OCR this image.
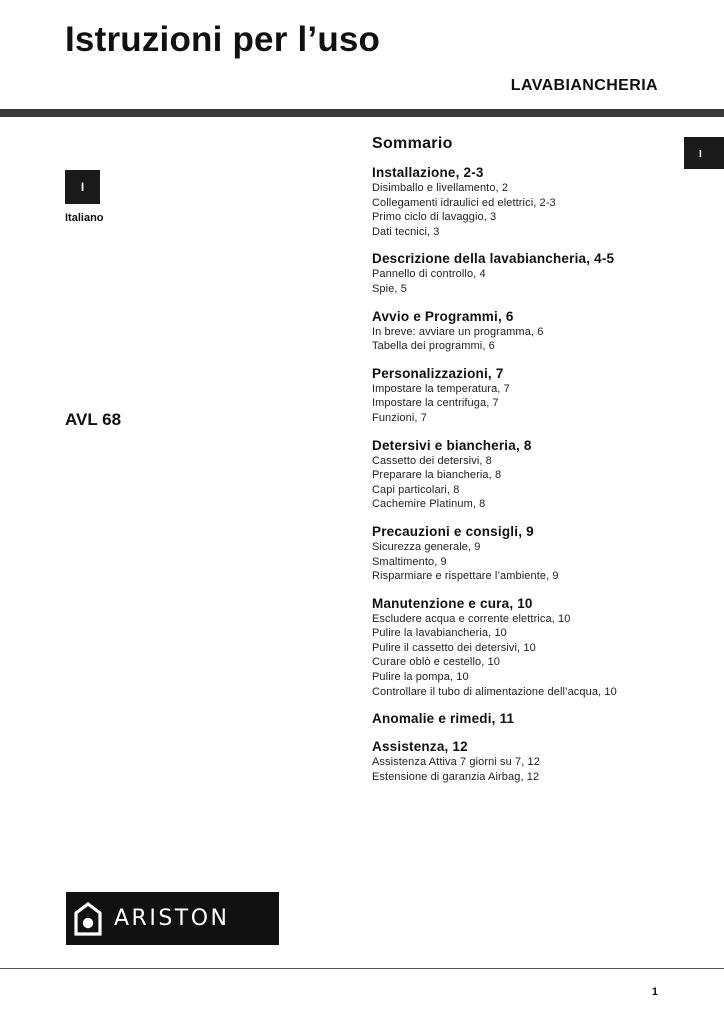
Istruzioni per l’uso
LAVABIANCHERIA
I
I
Italiano
AVL 68
Sommario
Installazione, 2-3
Disimballo e livellamento, 2
Collegamenti idraulici ed elettrici, 2-3
Primo ciclo di lavaggio, 3
Dati tecnici, 3
Descrizione della lavabiancheria, 4-5
Pannello di controllo, 4
Spie, 5
Avvio e Programmi, 6
In breve: avviare un programma, 6
Tabella dei programmi, 6
Personalizzazioni, 7
Impostare la temperatura, 7
Impostare la centrifuga, 7
Funzioni, 7
Detersivi e biancheria, 8
Cassetto dei detersivi, 8
Preparare la biancheria, 8
Capi particolari, 8
Cachemire Platinum, 8
Precauzioni e consigli, 9
Sicurezza generale, 9
Smaltimento, 9
Risparmiare e rispettare l’ambiente, 9
Manutenzione e cura, 10
Escludere acqua e corrente elettrica, 10
Pulire la lavabiancheria, 10
Pulire il cassetto dei detersivi, 10
Curare oblò e cestello, 10
Pulire la pompa, 10
Controllare il tubo di alimentazione dell’acqua, 10
Anomalie e rimedi, 11
Assistenza, 12
Assistenza Attiva 7 giorni su 7, 12
Estensione di garanzia Airbag, 12
ARISTON
1
